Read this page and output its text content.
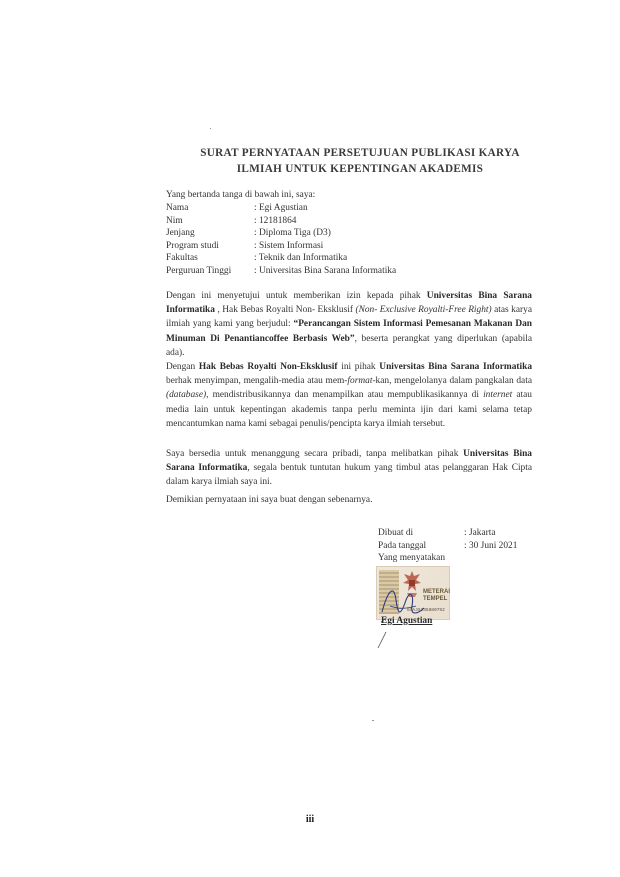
SURAT PERNYATAAN PERSETUJUAN PUBLIKASI KARYA
ILMIAH UNTUK KEPENTINGAN AKADEMIS
Yang bertanda tanga di bawah ini, saya:
Nama	: Egi Agustian
Nim	: 12181864
Jenjang	: Diploma Tiga (D3)
Program studi	: Sistem Informasi
Fakultas	: Teknik dan Informatika
Perguruan Tinggi : Universitas Bina Sarana Informatika
Dengan ini menyetujui untuk memberikan izin kepada pihak Universitas Bina Sarana Informatika , Hak Bebas Royalti Non- Eksklusif (Non- Exclusive Royalti-Free Right) atas karya ilmiah yang kami yang berjudul: “Perancangan Sistem Informasi Pemesanan Makanan Dan Minuman Di Penantiancoffee Berbasis Web”, beserta perangkat yang diperlukan (apabila ada).
Dengan Hak Bebas Royalti Non-Eksklusif ini pihak Universitas Bina Sarana Informatika berhak menyimpan, mengalih-media atau mem-format-kan, mengelolanya dalam pangkalan data (database), mendistribusikannya dan menampilkan atau mempublikasikannya di internet atau media lain untuk kepentingan akademis tanpa perlu meminta ijin dari kami selama tetap mencantumkan nama kami sebagai penulis/pencipta karya ilmiah tersebut.
Saya bersedia untuk menanggung secara pribadi, tanpa melibatkan pihak Universitas Bina Sarana Informatika, segala bentuk tuntutan hukum yang timbul atas pelanggaran Hak Cipta dalam karya ilmiah saya ini.
Demikian pernyataan ini saya buat dengan sebenarnya.
Dibuat di	: Jakarta
Pada tanggal	: 30 Juni 2021
Yang menyatakan
METERAI
TEMPEL
6AAJX235880792
Egi Agustian
iii
